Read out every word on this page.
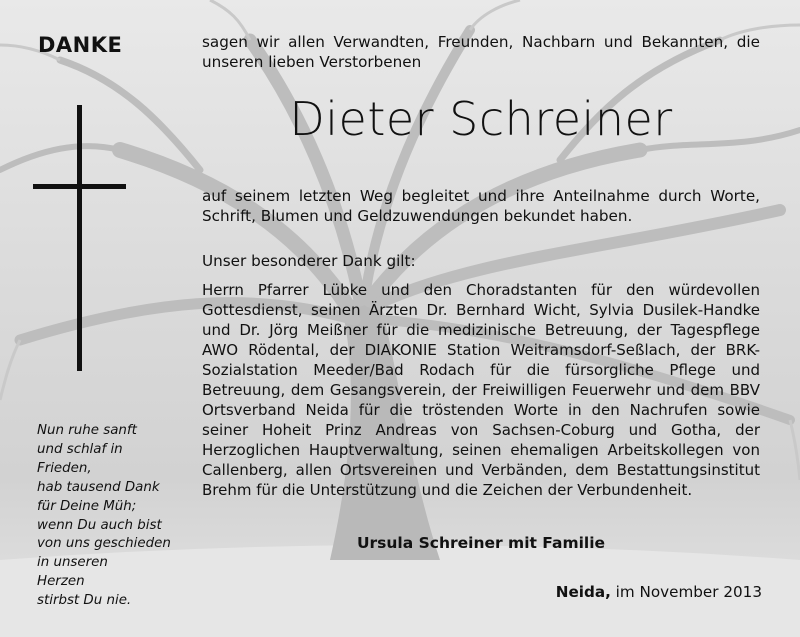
DANKE	sagen wir allen Verwandten, Freunden, Nachbarn und Bekannten, die unseren lieben Verstorbenen
Dieter Schreiner

auf seinem letzten Weg begleitet und ihre Anteilnahme durch Worte, Schrift, Blumen und Geldzuwendungen bekundet haben.

Unser besonderer Dank gilt:

Herrn Pfarrer Lübke und den Choradstanten für den würdevollen Gottesdienst, seinen Ärzten Dr. Bernhard Wicht, Sylvia Dusilek-Handke und Dr. Jörg Meißner für die medizinische Betreuung, der Tagespflege AWO Rödental, der DIAKONIE Station Weitramsdorf-Seßlach, der BRK-Sozialstation Meeder/Bad Rodach für die fürsorgliche Pflege und Betreuung, dem Gesangsverein, der Freiwilligen Feuerwehr und dem BBV Ortsverband Neida für die tröstenden Worte in den Nachrufen sowie seiner Hoheit Prinz Andreas von Sachsen-Coburg und Gotha, der Herzoglichen Hauptverwaltung, seinen ehemaligen Arbeitskollegen von Callenberg, allen Ortsvereinen und Verbänden, dem Bestattungsinstitut Brehm für die Unterstützung und die Zeichen der Verbundenheit.

Nun ruhe sanft
und schlaf in
Frieden,
hab tausend Dank
für Deine Müh;
wenn Du auch bist
von uns geschieden
in unseren
Herzen
stirbst Du nie.
Ursula Schreiner mit Familie
Neida, im November 2013
